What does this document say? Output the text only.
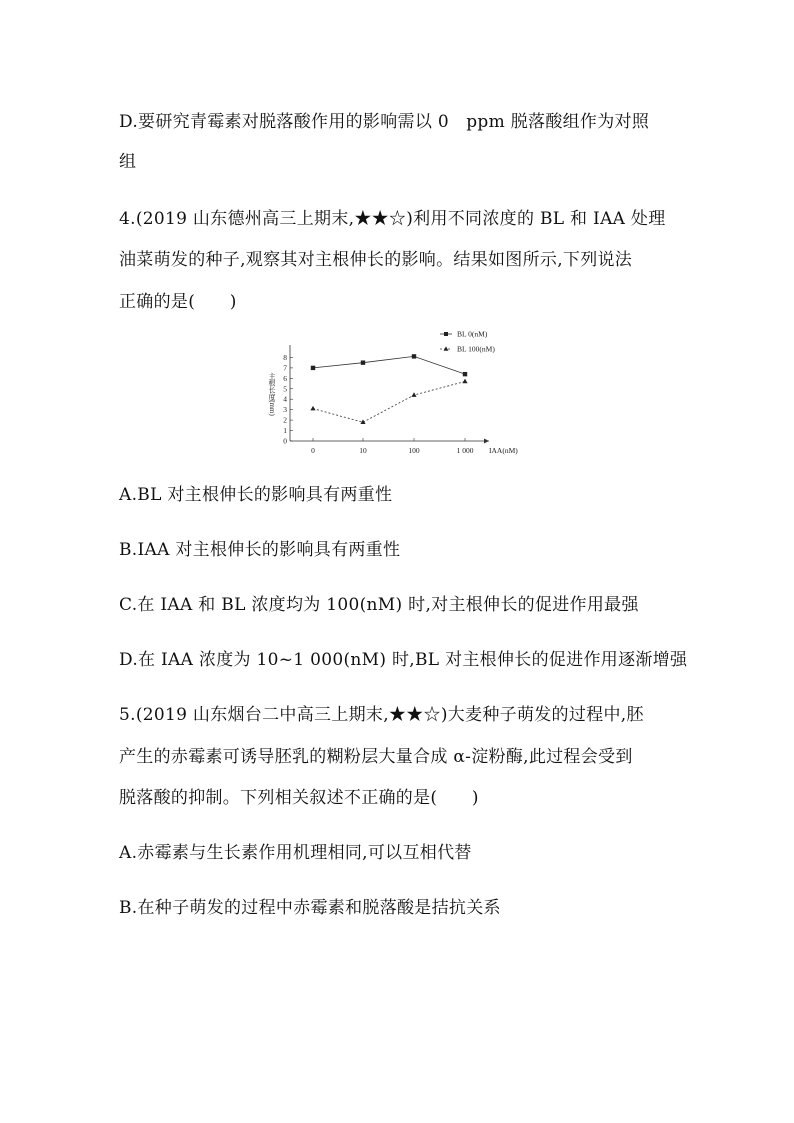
D.要研究青霉素对脱落酸作用的影响需以 0　ppm 脱落酸组作为对照
组
4.(2019 山东德州高三上期末,★★☆)利用不同浓度的 BL 和 IAA 处理
油菜萌发的种子,观察其对主根伸长的影响。结果如图所示,下列说法
正确的是(　　)
0
1
2
3
4
5
6
7
8
0	10	100	1 000 IAA(nM)
主根长度(mm)
BL 0(nM)
BL 100(nM)
A.BL 对主根伸长的影响具有两重性
B.IAA 对主根伸长的影响具有两重性
C.在 IAA 和 BL 浓度均为 100(nM) 时,对主根伸长的促进作用最强
D.在 IAA 浓度为 10~1 000(nM) 时,BL 对主根伸长的促进作用逐渐增强
5.(2019 山东烟台二中高三上期末,★★☆)大麦种子萌发的过程中,胚
产生的赤霉素可诱导胚乳的糊粉层大量合成 α-淀粉酶,此过程会受到
脱落酸的抑制。下列相关叙述不正确的是(　　)
A.赤霉素与生长素作用机理相同,可以互相代替
B.在种子萌发的过程中赤霉素和脱落酸是拮抗关系
